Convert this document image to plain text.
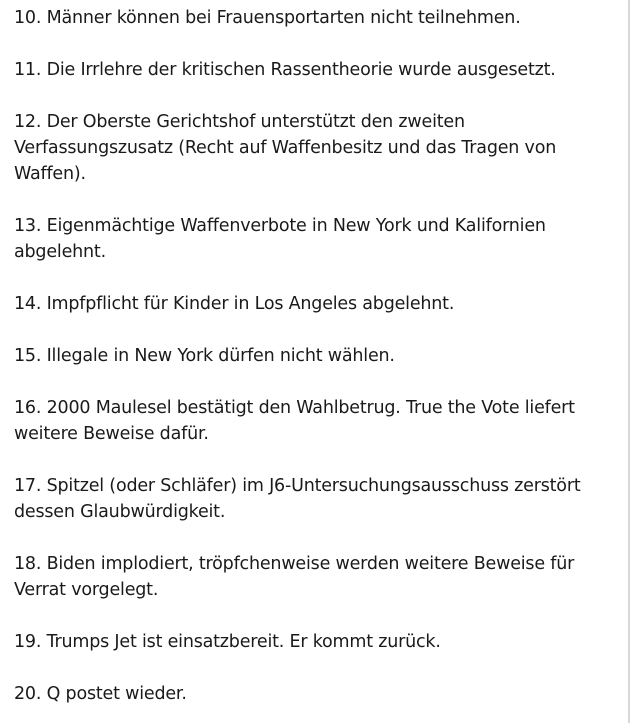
10. Männer können bei Frauensportarten nicht teilnehmen.
11. Die Irrlehre der kritischen Rassentheorie wurde ausgesetzt.
12. Der Oberste Gerichtshof unterstützt den zweiten Verfassungszusatz (Recht auf Waffenbesitz und das Tragen von Waffen).
13. Eigenmächtige Waffenverbote in New York und Kalifornien abgelehnt.
14. Impfpflicht für Kinder in Los Angeles abgelehnt.
15. Illegale in New York dürfen nicht wählen.
16. 2000 Maulesel bestätigt den Wahlbetrug. True the Vote liefert weitere Beweise dafür.
17. Spitzel (oder Schläfer) im J6-Untersuchungsausschuss zerstört dessen Glaubwürdigkeit.
18. Biden implodiert, tröpfchenweise werden weitere Beweise für Verrat vorgelegt.
19. Trumps Jet ist einsatzbereit. Er kommt zurück.
20. Q postet wieder.
